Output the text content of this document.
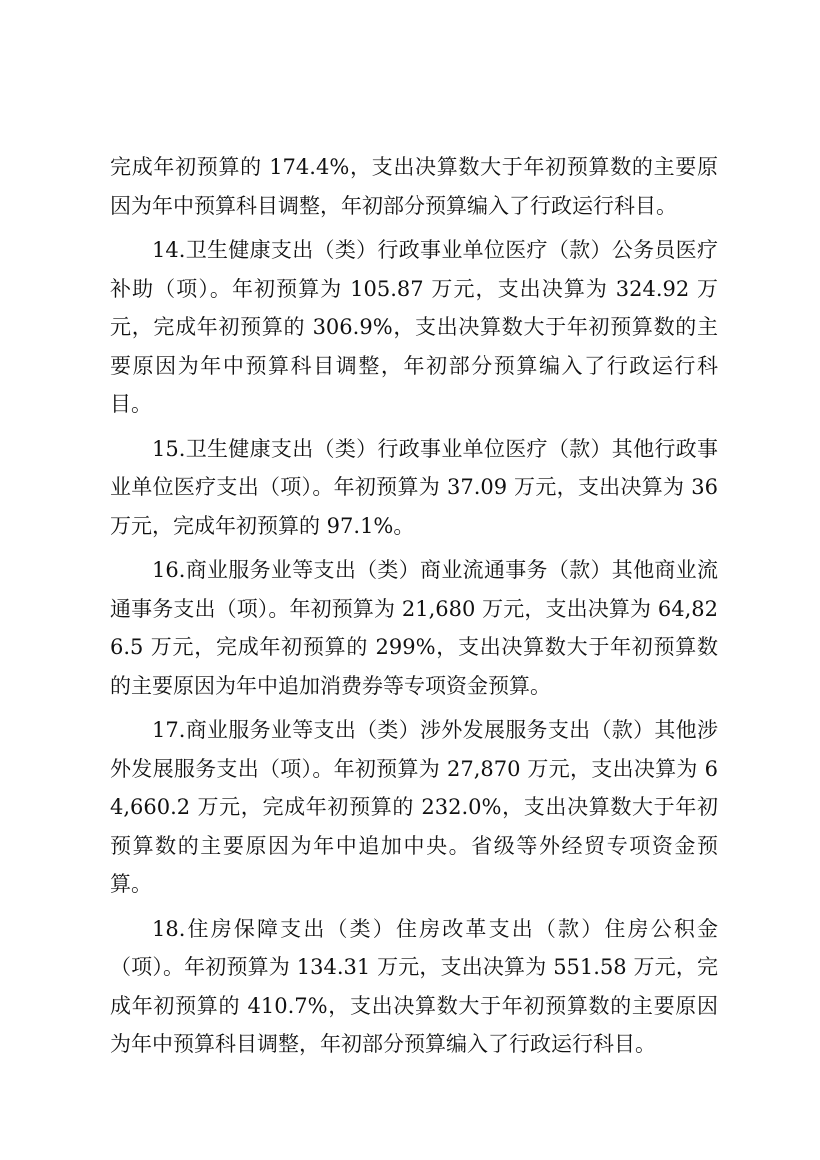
完成年初预算的 174.4%，支出决算数大于年初预算数的主要原因为年中预算科目调整，年初部分预算编入了行政运行科目。

14.卫生健康支出（类）行政事业单位医疗（款）公务员医疗补助（项）。年初预算为 105.87 万元，支出决算为 324.92 万元，完成年初预算的 306.9%，支出决算数大于年初预算数的主要原因为年中预算科目调整，年初部分预算编入了行政运行科目。

15.卫生健康支出（类）行政事业单位医疗（款）其他行政事业单位医疗支出（项）。年初预算为 37.09 万元，支出决算为 36 万元，完成年初预算的 97.1%。

16.商业服务业等支出（类）商业流通事务（款）其他商业流通事务支出（项）。年初预算为 21,680 万元，支出决算为 64,826.5 万元，完成年初预算的 299%，支出决算数大于年初预算数的主要原因为年中追加消费券等专项资金预算。

17.商业服务业等支出（类）涉外发展服务支出（款）其他涉外发展服务支出（项）。年初预算为 27,870 万元，支出决算为 64,660.2 万元，完成年初预算的 232.0%，支出决算数大于年初预算数的主要原因为年中追加中央。省级等外经贸专项资金预算。

18.住房保障支出（类）住房改革支出（款）住房公积金（项）。年初预算为 134.31 万元，支出决算为 551.58 万元，完成年初预算的 410.7%，支出决算数大于年初预算数的主要原因为年中预算科目调整，年初部分预算编入了行政运行科目。
